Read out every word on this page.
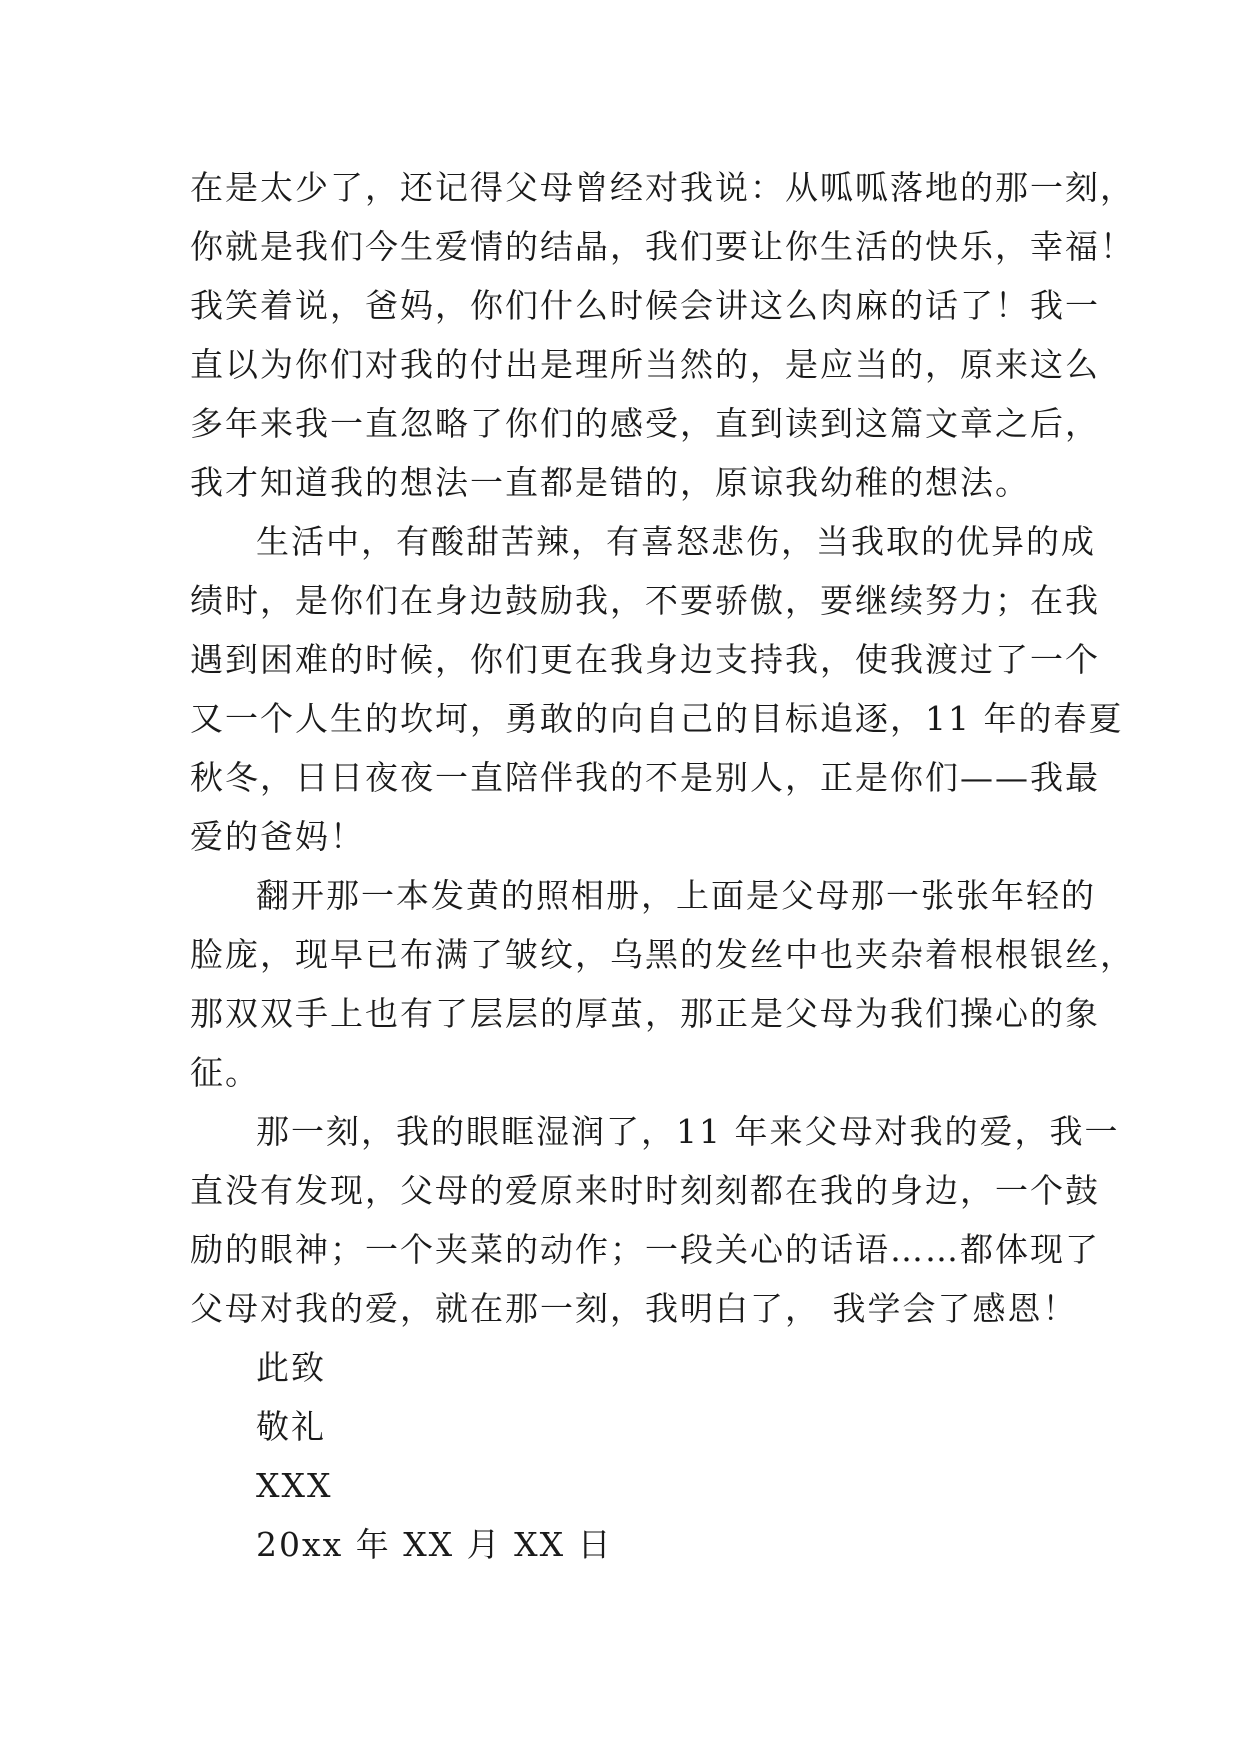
在是太少了，还记得父母曾经对我说：从呱呱落地的那一刻，
你就是我们今生爱情的结晶，我们要让你生活的快乐，幸福！
我笑着说，爸妈，你们什么时候会讲这么肉麻的话了！我一
直以为你们对我的付出是理所当然的，是应当的，原来这么
多年来我一直忽略了你们的感受，直到读到这篇文章之后，
我才知道我的想法一直都是错的，原谅我幼稚的想法。
生活中，有酸甜苦辣，有喜怒悲伤，当我取的优异的成
绩时，是你们在身边鼓励我，不要骄傲，要继续努力；在我
遇到困难的时候，你们更在我身边支持我，使我渡过了一个
又一个人生的坎坷，勇敢的向自己的目标追逐，11 年的春夏
秋冬，日日夜夜一直陪伴我的不是别人，正是你们——我最
爱的爸妈！
翻开那一本发黄的照相册，上面是父母那一张张年轻的
脸庞，现早已布满了皱纹，乌黑的发丝中也夹杂着根根银丝，
那双双手上也有了层层的厚茧，那正是父母为我们操心的象
征。
那一刻，我的眼眶湿润了，11 年来父母对我的爱，我一
直没有发现，父母的爱原来时时刻刻都在我的身边，一个鼓
励的眼神；一个夹菜的动作；一段关心的话语……都体现了
父母对我的爱，就在那一刻，我明白了， 我学会了感恩！
此致
敬礼
XXX
20xx 年 XX 月 XX 日
